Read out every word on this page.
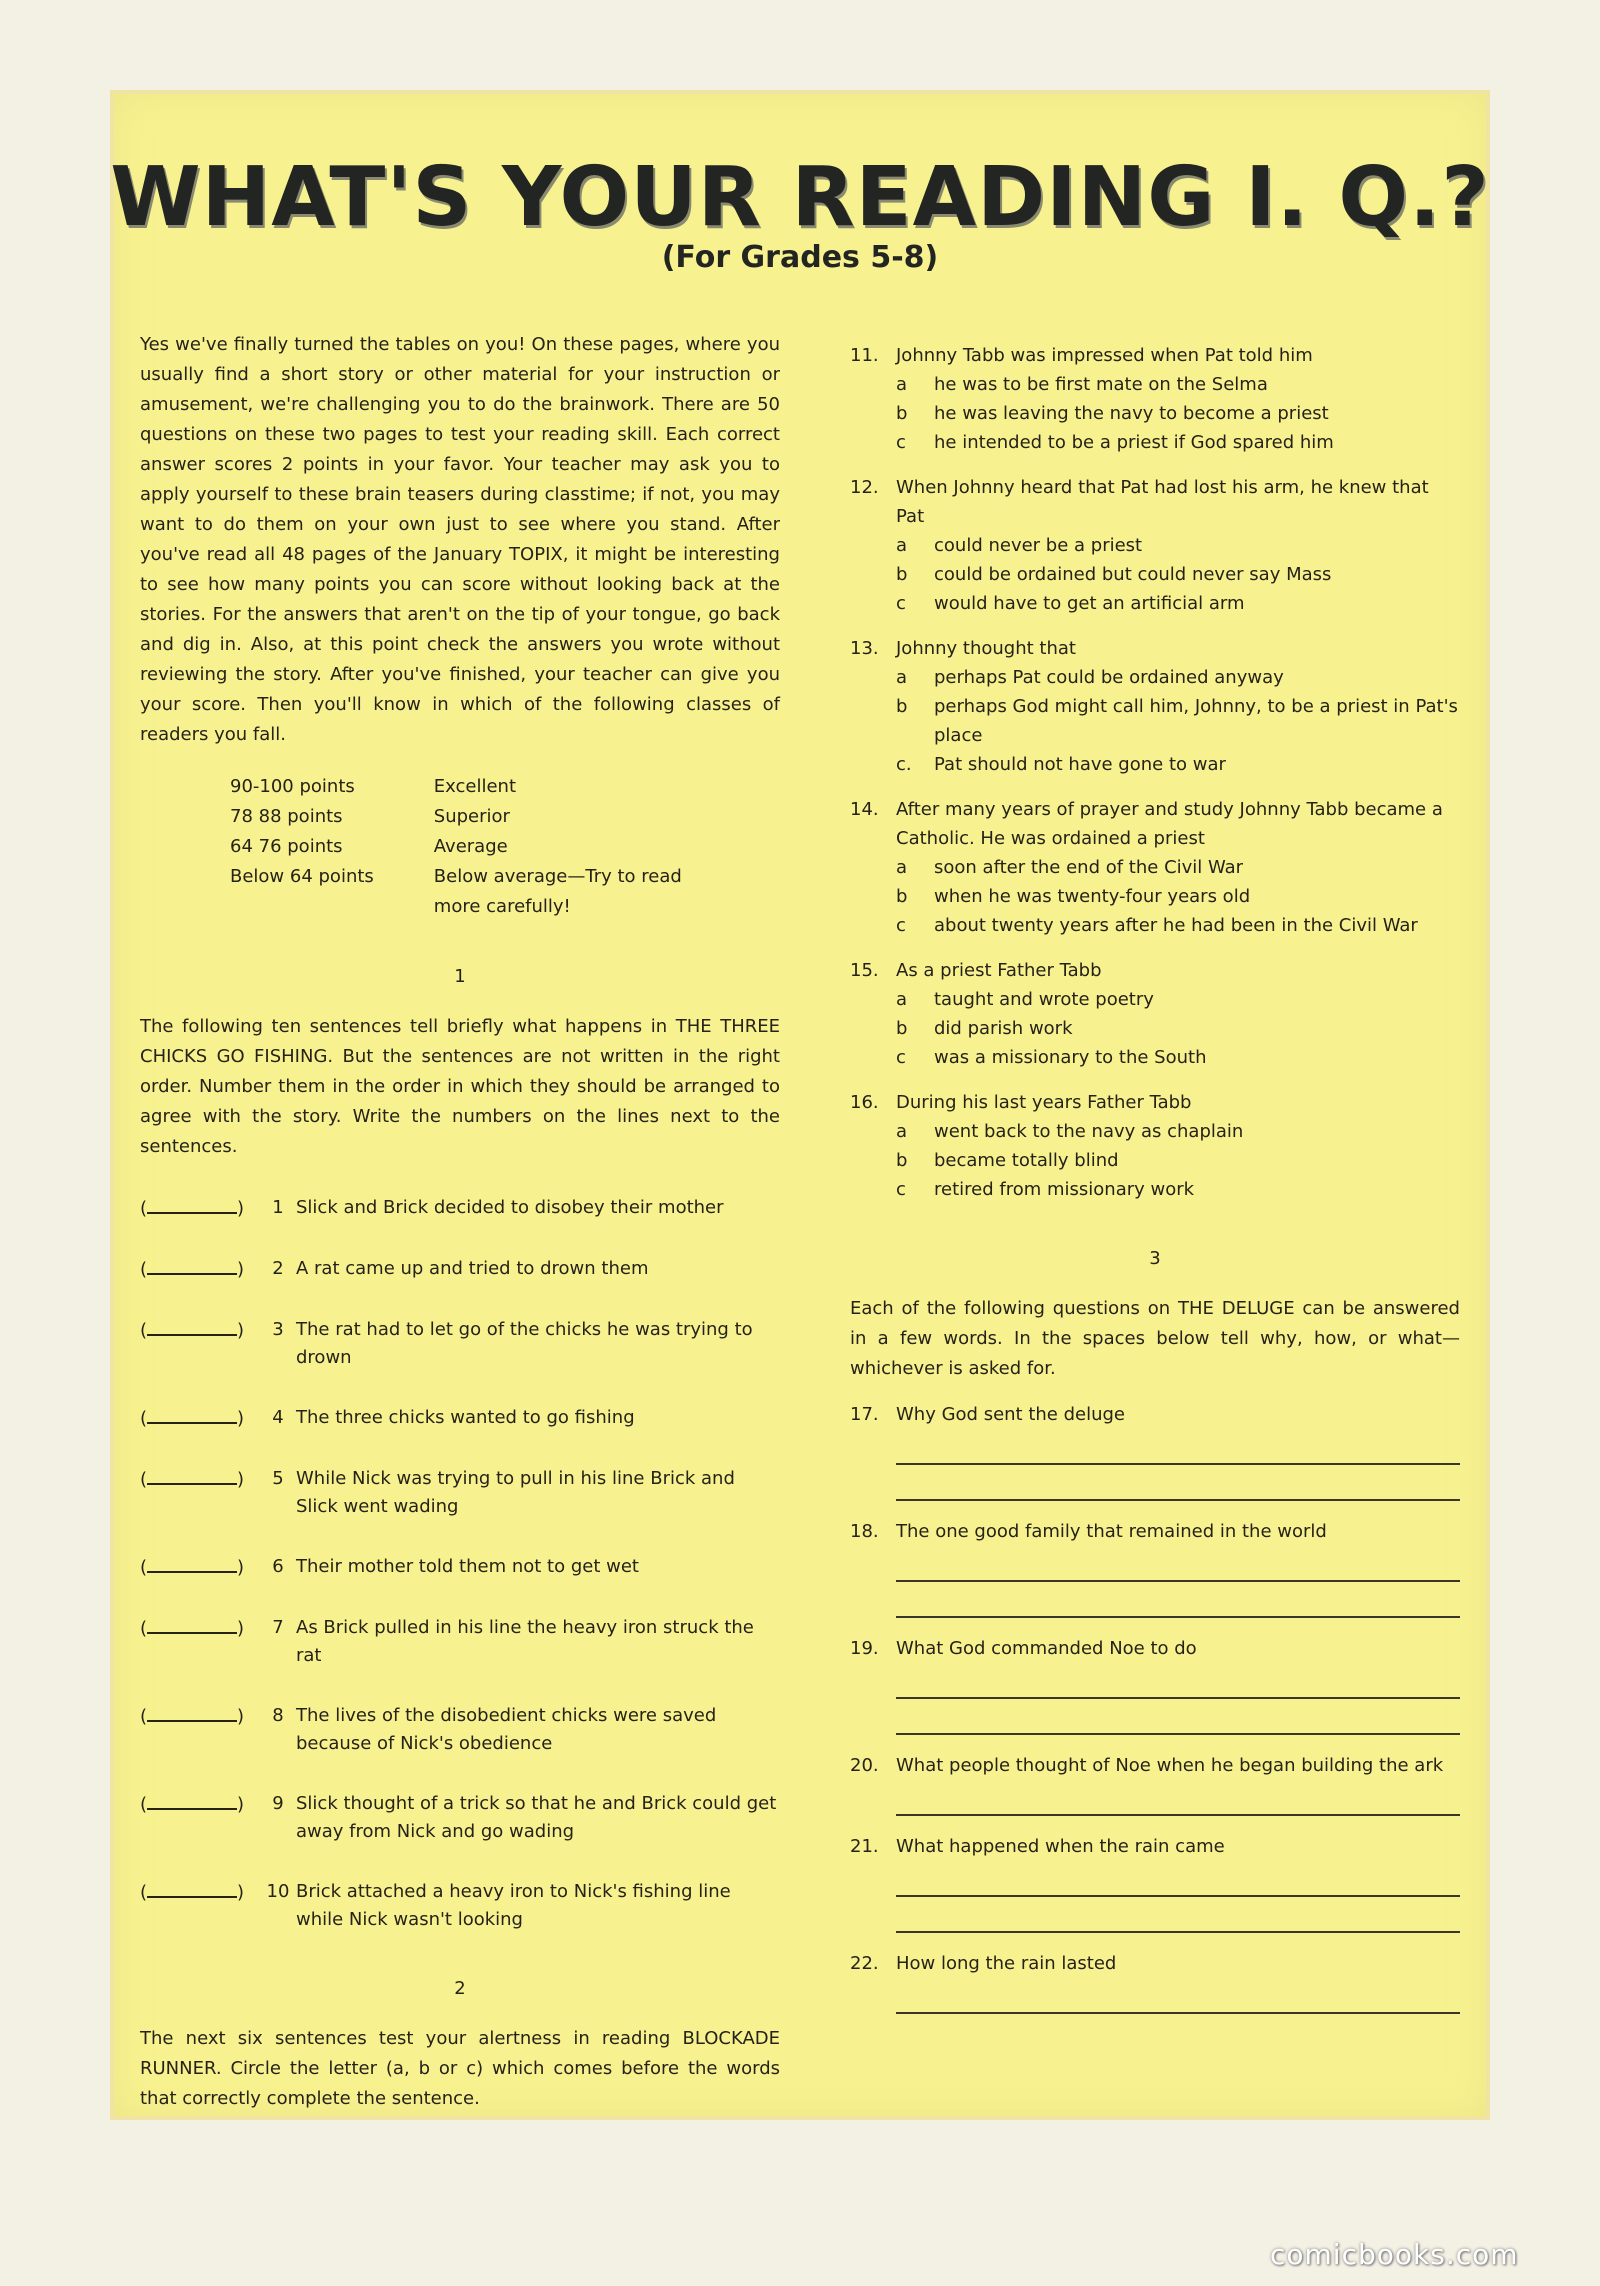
WHAT'S YOUR READING I. Q.?
(For Grades 5-8)

Yes we've finally turned the tables on you! On these pages, where you usually find a short story or other material for your instruction or amusement, we're challenging you to do the brainwork. There are 50 questions on these two pages to test your reading skill. Each correct answer scores 2 points in your favor. Your teacher may ask you to apply yourself to these brain teasers during classtime; if not, you may want to do them on your own just to see where you stand. After you've read all 48 pages of the January TOPIX, it might be interesting to see how many points you can score without looking back at the stories. For the answers that aren't on the tip of your tongue, go back and dig in. Also, at this point check the answers you wrote without reviewing the story. After you've finished, your teacher can give you your score. Then you'll know in which of the following classes of readers you fall.

90-100 points	Excellent
78 88 points	Superior
64 76 points	Average
Below 64 points	Below average—Try to read more carefully!
1

The following ten sentences tell briefly what happens in THE THREE CHICKS GO FISHING. But the sentences are not written in the right order. Number them in the order in which they should be arranged to agree with the story. Write the numbers on the lines next to the sentences.

(	)	1 Slick and Brick decided to disobey their mother
(	)	2 A rat came up and tried to drown them
(	)	3 The rat had to let go of the chicks he was trying to drown
(	)	4 The three chicks wanted to go fishing
(	)	5 While Nick was trying to pull in his line Brick and Slick went wading
(	)	6 Their mother told them not to get wet
(	)	7 As Brick pulled in his line the heavy iron struck the rat
(	)	8 The lives of the disobedient chicks were saved because of Nick's obedience
(	)	9 Slick thought of a trick so that he and Brick could get away from Nick and go wading
(	)	10 Brick attached a heavy iron to Nick's fishing line while Nick wasn't looking
2

The next six sentences test your alertness in reading BLOCKADE RUNNER. Circle the letter (a, b or c) which comes before the words that correctly complete the sentence.

11. Johnny Tabb was impressed when Pat told him
a	he was to be first mate on the Selma
b	he was leaving the navy to become a priest
c	he intended to be a priest if God spared him
12. When Johnny heard that Pat had lost his arm, he knew that Pat
a	could never be a priest
b	could be ordained but could never say Mass
c	would have to get an artificial arm
13. Johnny thought that
a	perhaps Pat could be ordained anyway
b	perhaps God might call him, Johnny, to be a priest in Pat's place
c.	Pat should not have gone to war
14. After many years of prayer and study Johnny Tabb became a Catholic. He was ordained a priest
a	soon after the end of the Civil War
b	when he was twenty-four years old
c	about twenty years after he had been in the Civil War
15. As a priest Father Tabb
a	taught and wrote poetry
b	did parish work
c	was a missionary to the South
16. During his last years Father Tabb
a	went back to the navy as chaplain
b	became totally blind
c	retired from missionary work
3

Each of the following questions on THE DELUGE can be answered in a few words. In the spaces below tell why, how, or what—whichever is asked for.

17. Why God sent the deluge
18. The one good family that remained in the world
19. What God commanded Noe to do
20. What people thought of Noe when he began building the ark
21. What happened when the rain came
22. How long the rain lasted
comicbooks.com
